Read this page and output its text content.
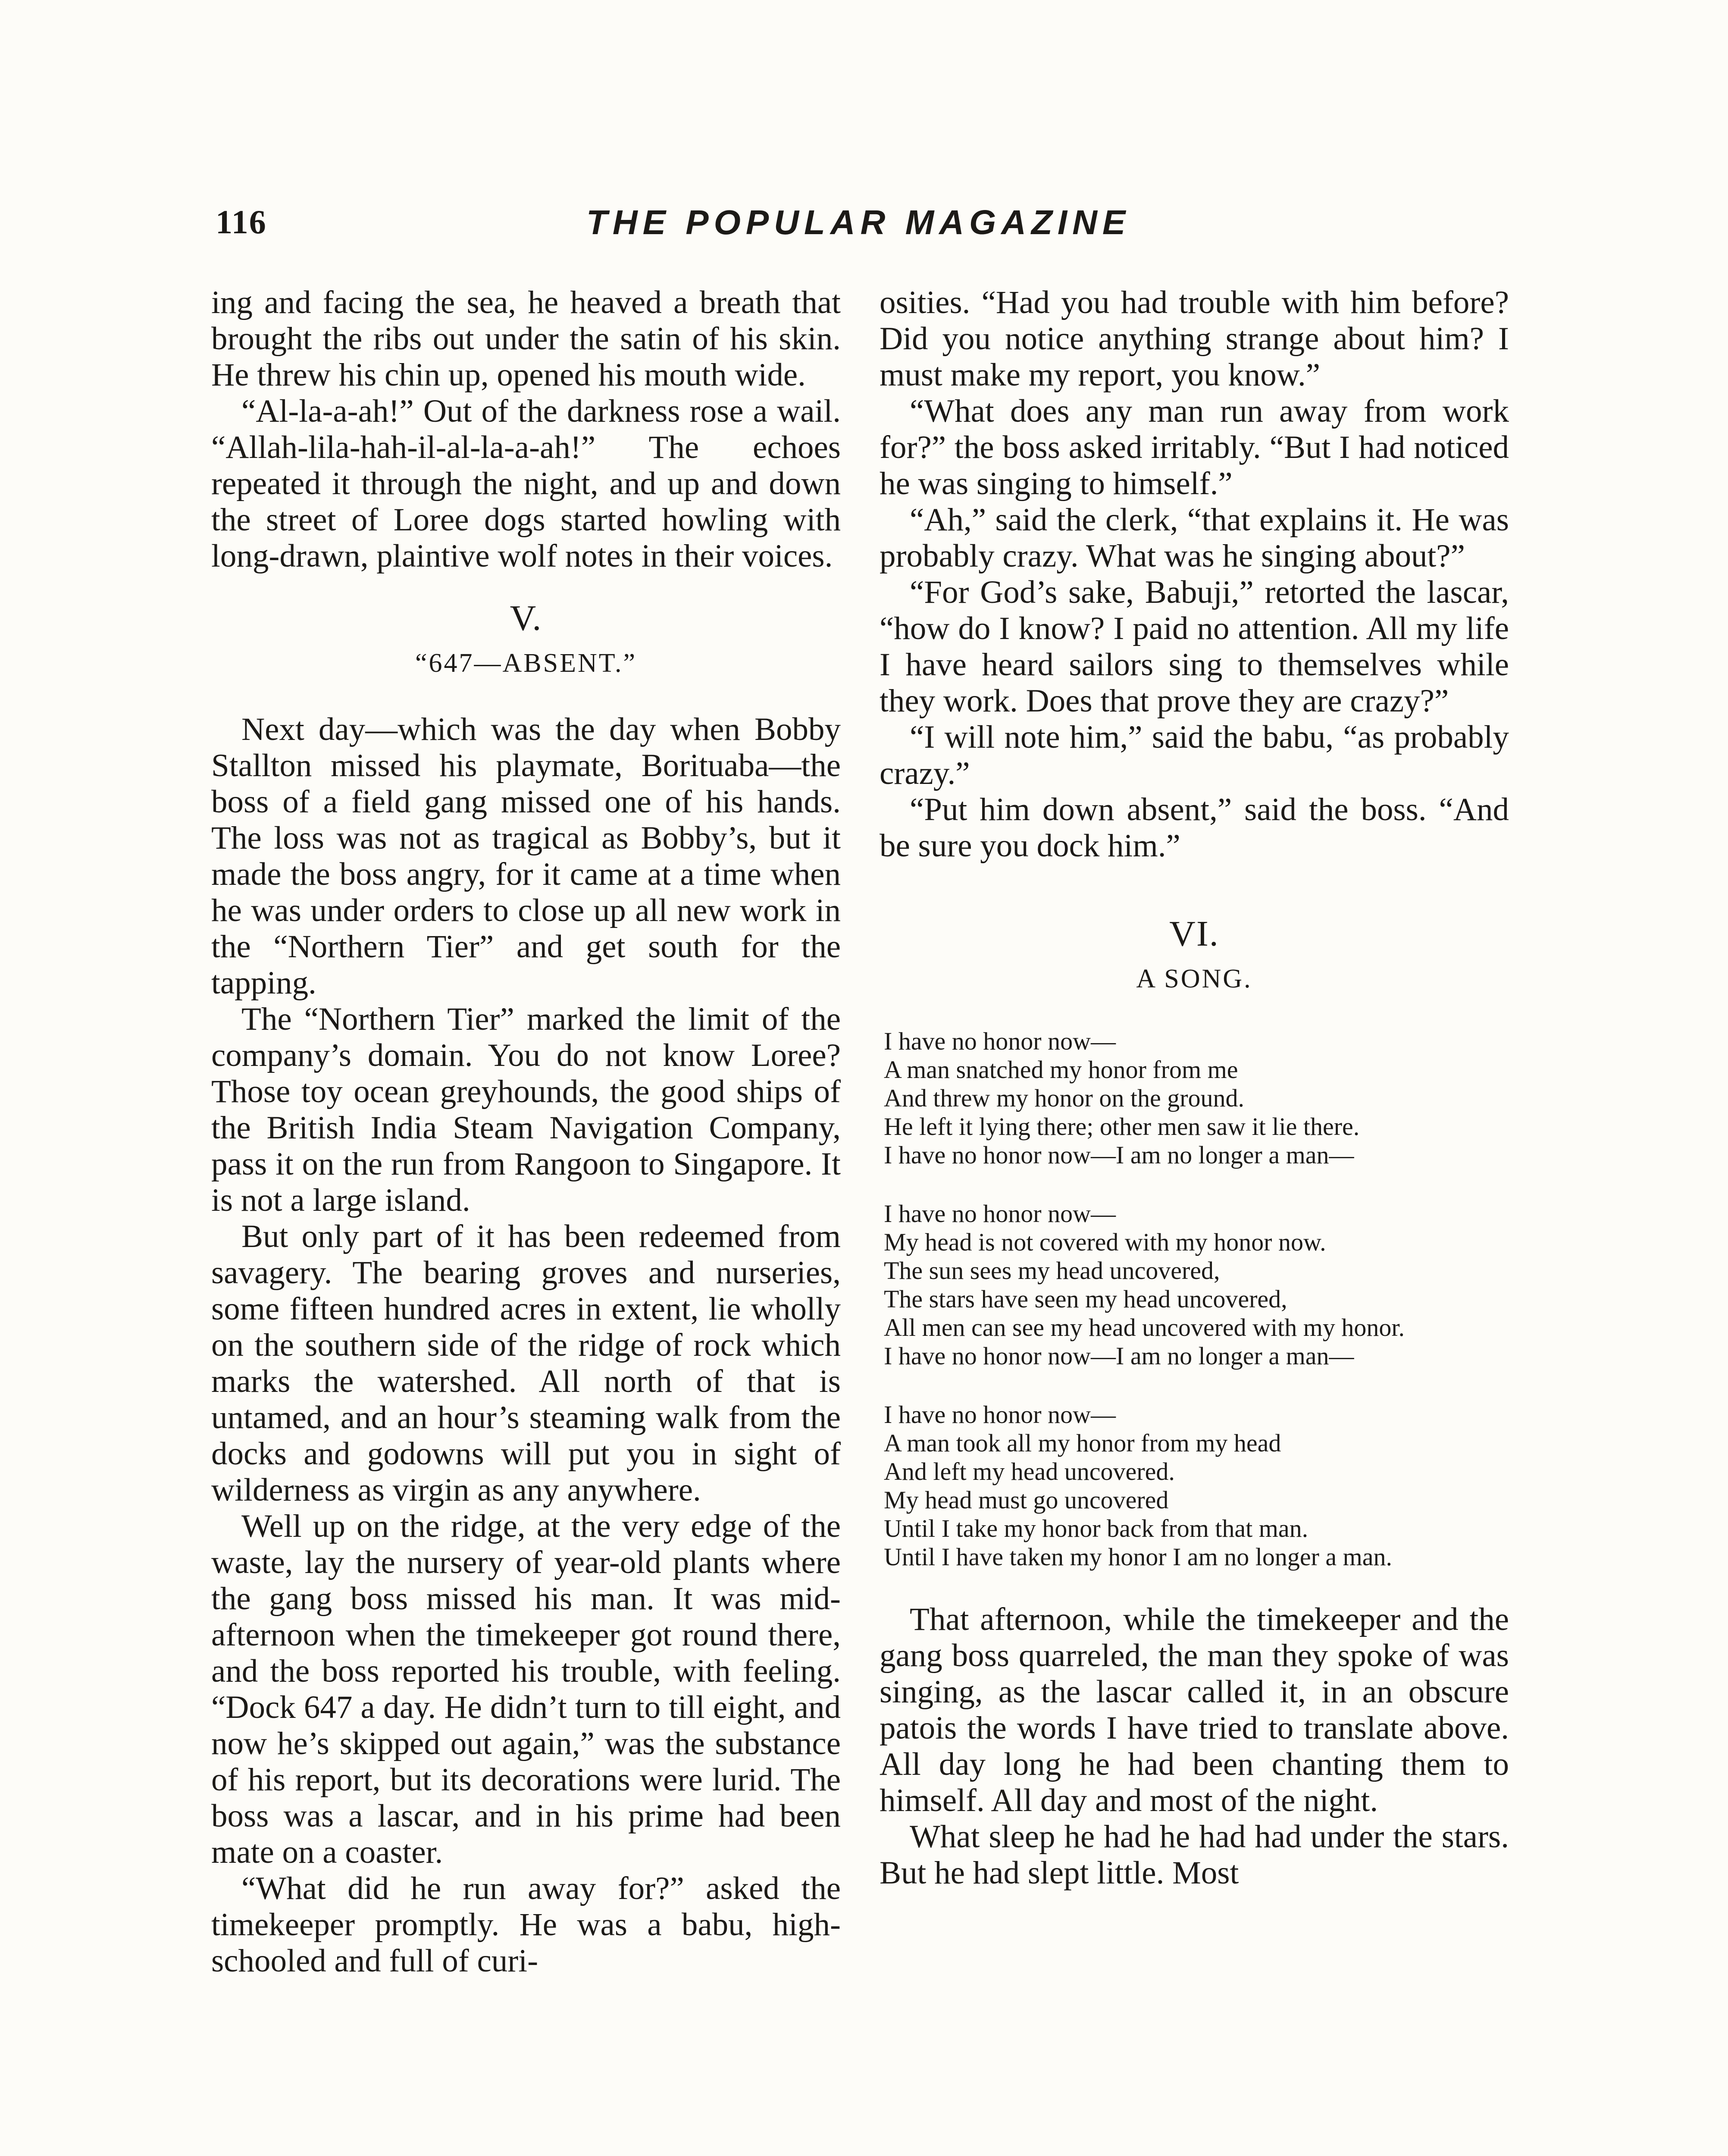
116	THE POPULAR MAGAZINE

ing and facing the sea, he heaved a breath that brought the ribs out under the satin of his skin. He threw his chin up, opened his mouth wide.

“Al-la-a-ah!” Out of the darkness rose a wail. “Allah-lila-hah-il-al-la-a-ah!” The echoes repeated it through the night, and up and down the street of Loree dogs started howling with long-drawn, plaintive wolf notes in their voices.

V.
“647—ABSENT.”

Next day—which was the day when Bobby Stallton missed his playmate, Borituaba—the boss of a field gang missed one of his hands. The loss was not as tragical as Bobby’s, but it made the boss angry, for it came at a time when he was under orders to close up all new work in the “Northern Tier” and get south for the tapping.

The “Northern Tier” marked the limit of the company’s domain. You do not know Loree? Those toy ocean greyhounds, the good ships of the British India Steam Navigation Company, pass it on the run from Rangoon to Singapore. It is not a large island.

But only part of it has been redeemed from savagery. The bearing groves and nurseries, some fifteen hundred acres in extent, lie wholly on the southern side of the ridge of rock which marks the watershed. All north of that is untamed, and an hour’s steaming walk from the docks and godowns will put you in sight of wilderness as virgin as any anywhere.

Well up on the ridge, at the very edge of the waste, lay the nursery of year-old plants where the gang boss missed his man. It was mid-afternoon when the timekeeper got round there, and the boss reported his trouble, with feeling. “Dock 647 a day. He didn’t turn to till eight, and now he’s skipped out again,” was the substance of his report, but its decorations were lurid. The boss was a lascar, and in his prime had been mate on a coaster.

“What did he run away for?” asked the timekeeper promptly. He was a babu, high-schooled and full of curi-

osities. “Had you had trouble with him before? Did you notice anything strange about him? I must make my report, you know.”

“What does any man run away from work for?” the boss asked irritably. “But I had noticed he was singing to himself.”

“Ah,” said the clerk, “that explains it. He was probably crazy. What was he singing about?”

“For God’s sake, Babuji,” retorted the lascar, “how do I know? I paid no attention. All my life I have heard sailors sing to themselves while they work. Does that prove they are crazy?”

“I will note him,” said the babu, “as probably crazy.”

“Put him down absent,” said the boss. “And be sure you dock him.”

VI.
A SONG.
I have no honor now—
A man snatched my honor from me
And threw my honor on the ground.
He left it lying there; other men saw it lie there.
I have no honor now—I am no longer a man—
I have no honor now—
My head is not covered with my honor now.
The sun sees my head uncovered,
The stars have seen my head uncovered,
All men can see my head uncovered with my honor.
I have no honor now—I am no longer a man—
I have no honor now—
A man took all my honor from my head
And left my head uncovered.
My head must go uncovered
Until I take my honor back from that man.
Until I have taken my honor I am no longer a man.

That afternoon, while the timekeeper and the gang boss quarreled, the man they spoke of was singing, as the lascar called it, in an obscure patois the words I have tried to translate above. All day long he had been chanting them to himself. All day and most of the night.

What sleep he had he had had under the stars. But he had slept little. Most
